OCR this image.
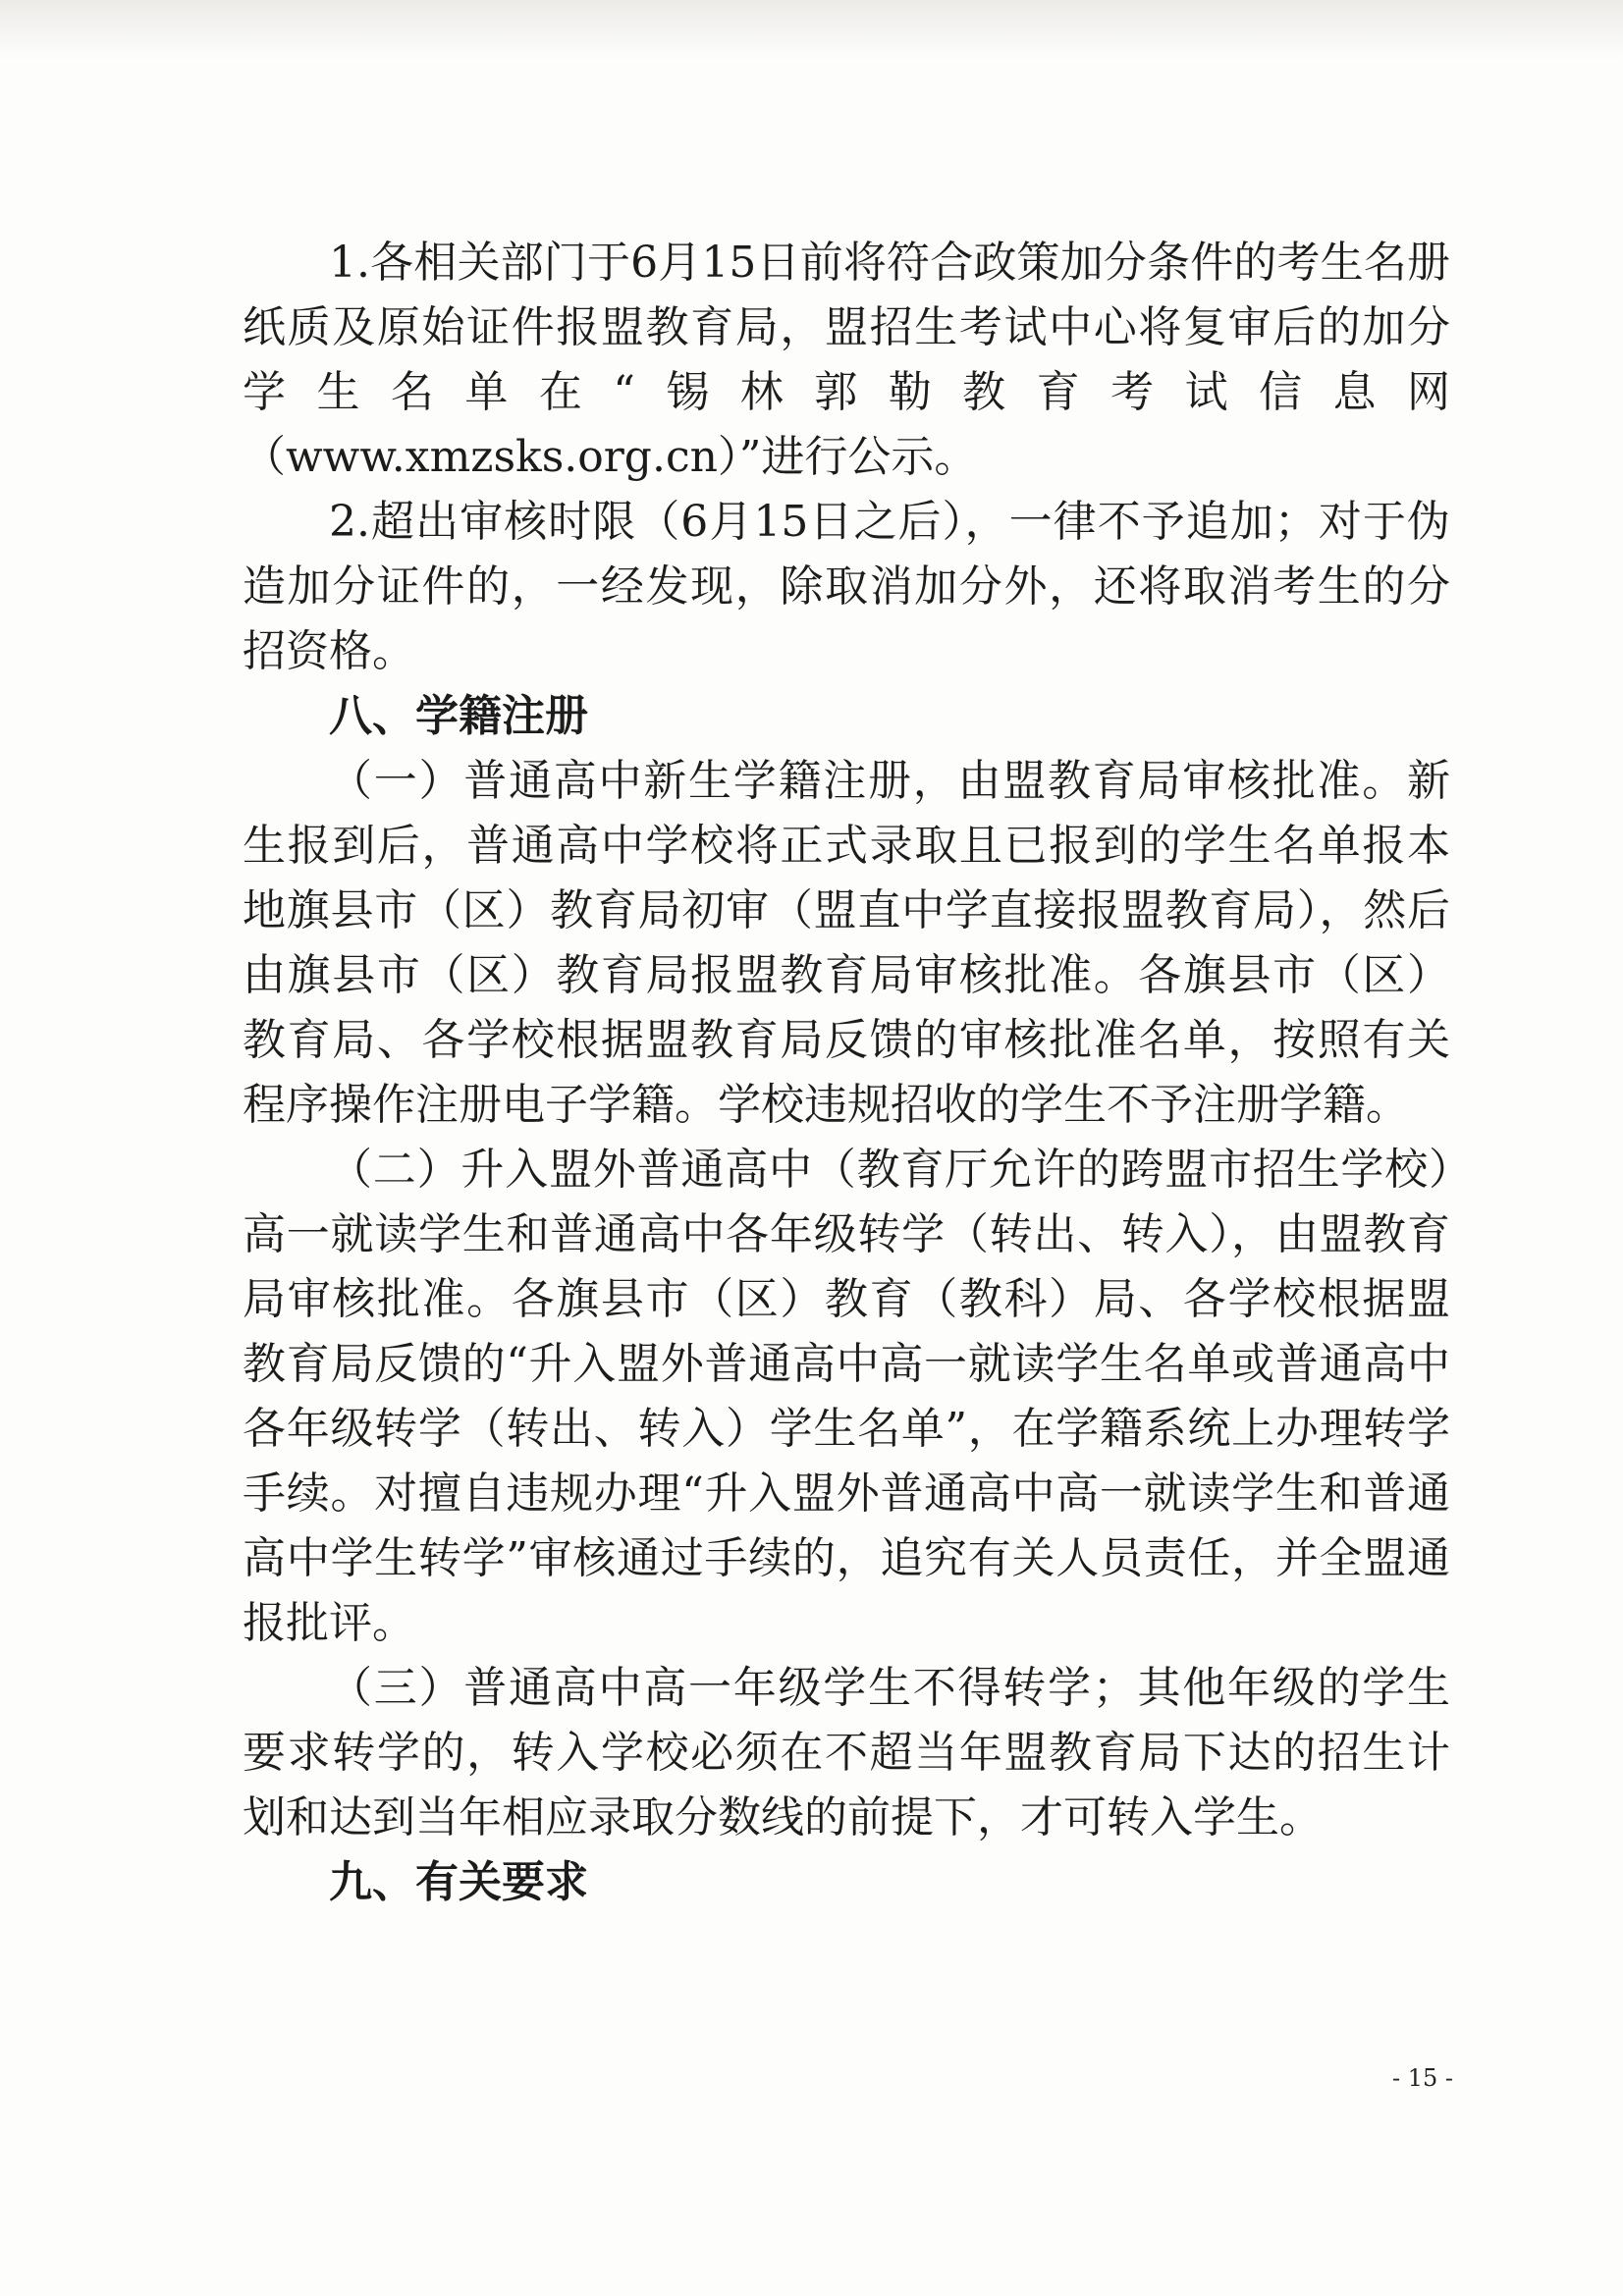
1.各相关部门于6月15日前将符合政策加分条件的考生名册纸质及原始证件报盟教育局，盟招生考试中心将复审后的加分学生名单在“锡林郭勒教育考试信息网（www.xmzsks.org.cn）”进行公示。

2.超出审核时限（6月15日之后），一律不予追加；对于伪造加分证件的，一经发现，除取消加分外，还将取消考生的分招资格。

八、学籍注册

（一）普通高中新生学籍注册，由盟教育局审核批准。新生报到后，普通高中学校将正式录取且已报到的学生名单报本地旗县市（区）教育局初审（盟直中学直接报盟教育局），然后由旗县市（区）教育局报盟教育局审核批准。各旗县市（区）教育局、各学校根据盟教育局反馈的审核批准名单，按照有关程序操作注册电子学籍。学校违规招收的学生不予注册学籍。

（二）升入盟外普通高中（教育厅允许的跨盟市招生学校）高一就读学生和普通高中各年级转学（转出、转入），由盟教育局审核批准。各旗县市（区）教育（教科）局、各学校根据盟教育局反馈的“升入盟外普通高中高一就读学生名单或普通高中各年级转学（转出、转入）学生名单”，在学籍系统上办理转学手续。对擅自违规办理“升入盟外普通高中高一就读学生和普通高中学生转学”审核通过手续的，追究有关人员责任，并全盟通报批评。

（三）普通高中高一年级学生不得转学；其他年级的学生要求转学的，转入学校必须在不超当年盟教育局下达的招生计划和达到当年相应录取分数线的前提下，才可转入学生。

九、有关要求
- 15 -
